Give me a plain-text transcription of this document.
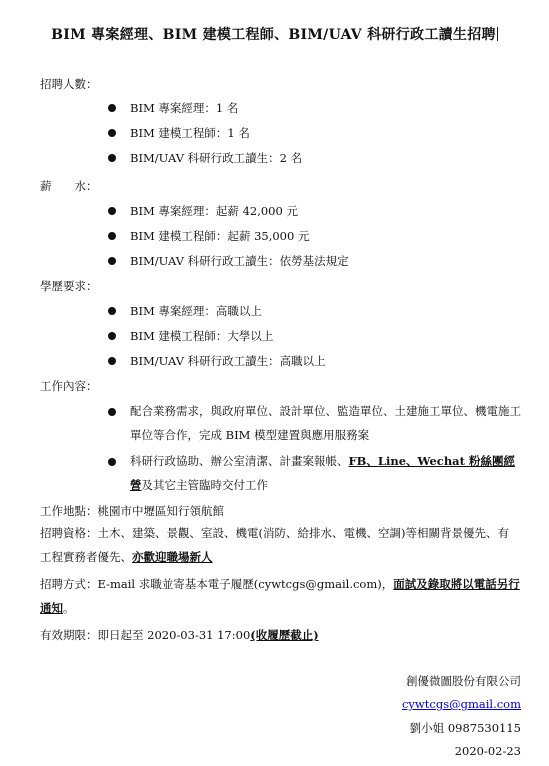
BIM 專案經理、BIM 建模工程師、BIM/UAV 科研行政工讀生招聘
招聘人數：
BIM 專案經理：1 名
BIM 建模工程師：1 名
BIM/UAV 科研行政工讀生：2 名
薪　　水：
BIM 專案經理：起薪 42,000 元
BIM 建模工程師：起薪 35,000 元
BIM/UAV 科研行政工讀生：依勞基法規定
學歷要求：
BIM 專案經理：高職以上
BIM 建模工程師：大學以上
BIM/UAV 科研行政工讀生：高職以上
工作內容：
配合業務需求，與政府單位、設計單位、監造單位、土建施工單位、機電施工單位等合作，完成 BIM 模型建置與應用服務案
科研行政協助、辦公室清潔、計畫案報帳、FB、Line、Wechat 粉絲團經營及其它主管臨時交付工作
工作地點：桃園市中壢區知行領航館
招聘資格：土木、建築、景觀、室設、機電(消防、給排水、電機、空調)等相關背景優先、有工程實務者優先、亦歡迎職場新人
招聘方式：E-mail 求職並寄基本電子履歷(cywtcgs@gmail.com)，面試及錄取將以電話另行通知。
有效期限：即日起至 2020-03-31 17:00(收履歷截止)
創優微圖股份有限公司
cywtcgs@gmail.com
劉小姐 0987530115
2020-02-23
